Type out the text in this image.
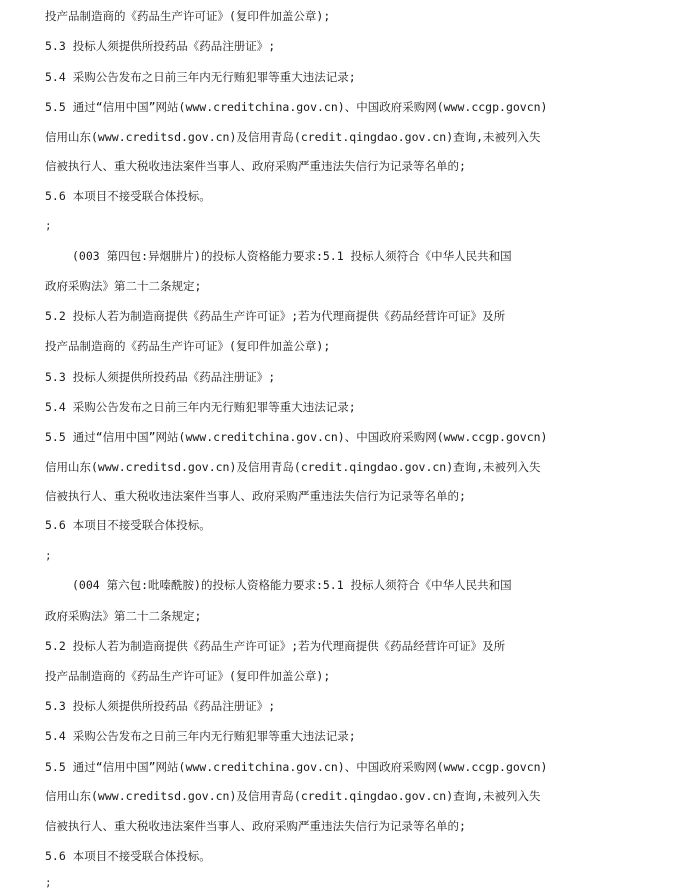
投产品制造商的《药品生产许可证》(复印件加盖公章);
5.3 投标人须提供所投药品《药品注册证》;
5.4 采购公告发布之日前三年内无行贿犯罪等重大违法记录;
5.5 通过“信用中国”网站(www.creditchina.gov.cn)、中国政府采购网(www.ccgp.govcn)
信用山东(www.creditsd.gov.cn)及信用青岛(credit.qingdao.gov.cn)查询,未被列入失
信被执行人、重大税收违法案件当事人、政府采购严重违法失信行为记录等名单的;
5.6 本项目不接受联合体投标。
;
(003 第四包:异烟肼片)的投标人资格能力要求:5.1 投标人须符合《中华人民共和国
政府采购法》第二十二条规定;
5.2 投标人若为制造商提供《药品生产许可证》;若为代理商提供《药品经营许可证》及所
投产品制造商的《药品生产许可证》(复印件加盖公章);
5.3 投标人须提供所投药品《药品注册证》;
5.4 采购公告发布之日前三年内无行贿犯罪等重大违法记录;
5.5 通过“信用中国”网站(www.creditchina.gov.cn)、中国政府采购网(www.ccgp.govcn)
信用山东(www.creditsd.gov.cn)及信用青岛(credit.qingdao.gov.cn)查询,未被列入失
信被执行人、重大税收违法案件当事人、政府采购严重违法失信行为记录等名单的;
5.6 本项目不接受联合体投标。
;
(004 第六包:吡嗪酰胺)的投标人资格能力要求:5.1 投标人须符合《中华人民共和国
政府采购法》第二十二条规定;
5.2 投标人若为制造商提供《药品生产许可证》;若为代理商提供《药品经营许可证》及所
投产品制造商的《药品生产许可证》(复印件加盖公章);
5.3 投标人须提供所投药品《药品注册证》;
5.4 采购公告发布之日前三年内无行贿犯罪等重大违法记录;
5.5 通过“信用中国”网站(www.creditchina.gov.cn)、中国政府采购网(www.ccgp.govcn)
信用山东(www.creditsd.gov.cn)及信用青岛(credit.qingdao.gov.cn)查询,未被列入失
信被执行人、重大税收违法案件当事人、政府采购严重违法失信行为记录等名单的;
5.6 本项目不接受联合体投标。
;
